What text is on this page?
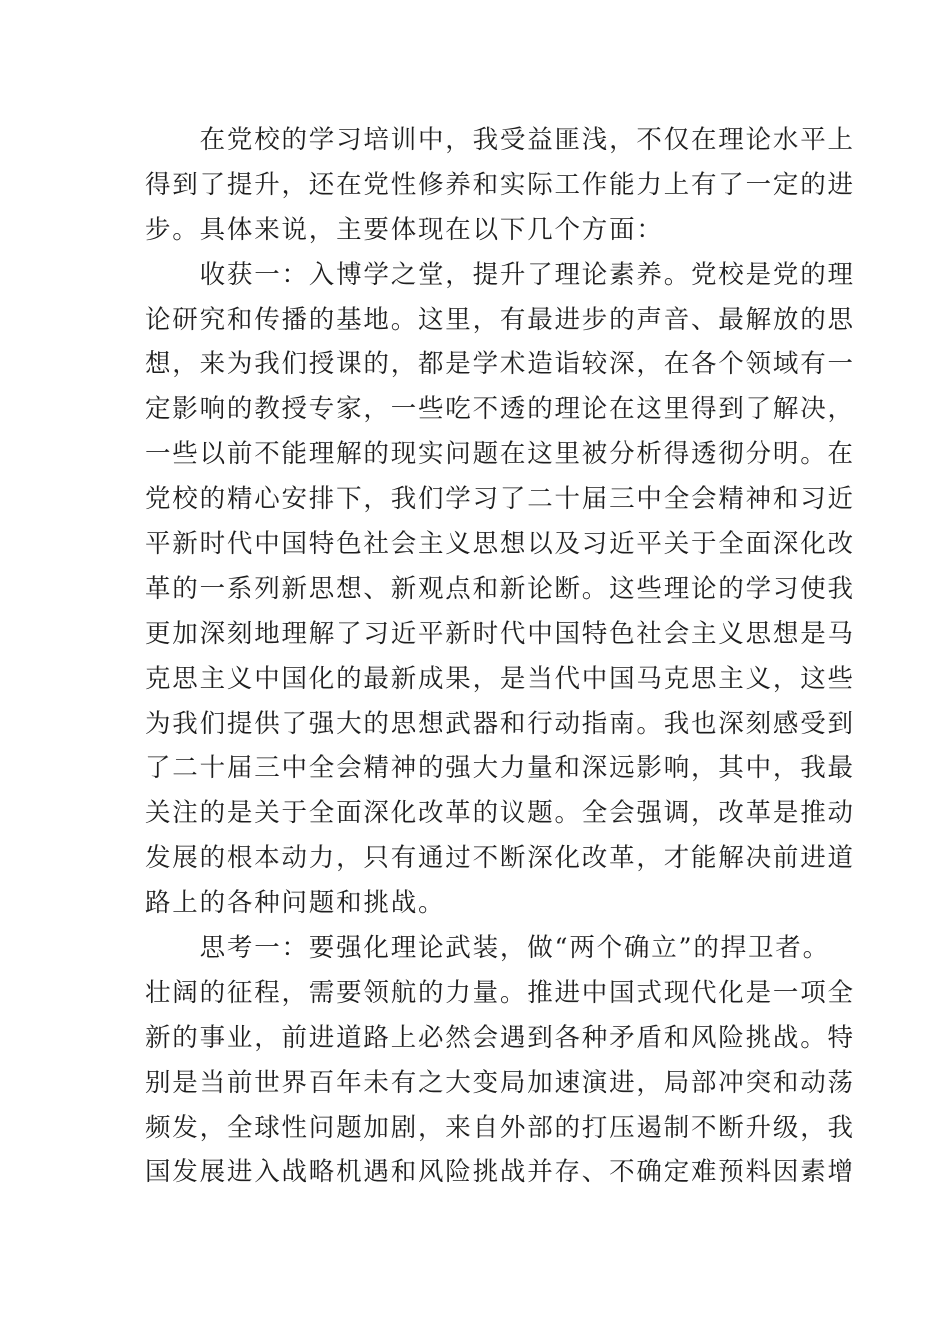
　　在党校的学习培训中，我受益匪浅，不仅在理论水平上
得到了提升，还在党性修养和实际工作能力上有了一定的进
步。具体来说，主要体现在以下几个方面：
　　收获一：入博学之堂，提升了理论素养。党校是党的理
论研究和传播的基地。这里，有最进步的声音、最解放的思
想，来为我们授课的，都是学术造诣较深，在各个领域有一
定影响的教授专家，一些吃不透的理论在这里得到了解决，
一些以前不能理解的现实问题在这里被分析得透彻分明。在
党校的精心安排下，我们学习了二十届三中全会精神和习近
平新时代中国特色社会主义思想以及习近平关于全面深化改
革的一系列新思想、新观点和新论断。这些理论的学习使我
更加深刻地理解了习近平新时代中国特色社会主义思想是马
克思主义中国化的最新成果，是当代中国马克思主义，这些
为我们提供了强大的思想武器和行动指南。我也深刻感受到
了二十届三中全会精神的强大力量和深远影响，其中，我最
关注的是关于全面深化改革的议题。全会强调，改革是推动
发展的根本动力，只有通过不断深化改革，才能解决前进道
路上的各种问题和挑战。
　　思考一：要强化理论武装，做“两个确立”的捍卫者。
壮阔的征程，需要领航的力量。推进中国式现代化是一项全
新的事业，前进道路上必然会遇到各种矛盾和风险挑战。特
别是当前世界百年未有之大变局加速演进，局部冲突和动荡
频发，全球性问题加剧，来自外部的打压遏制不断升级，我
国发展进入战略机遇和风险挑战并存、不确定难预料因素增
